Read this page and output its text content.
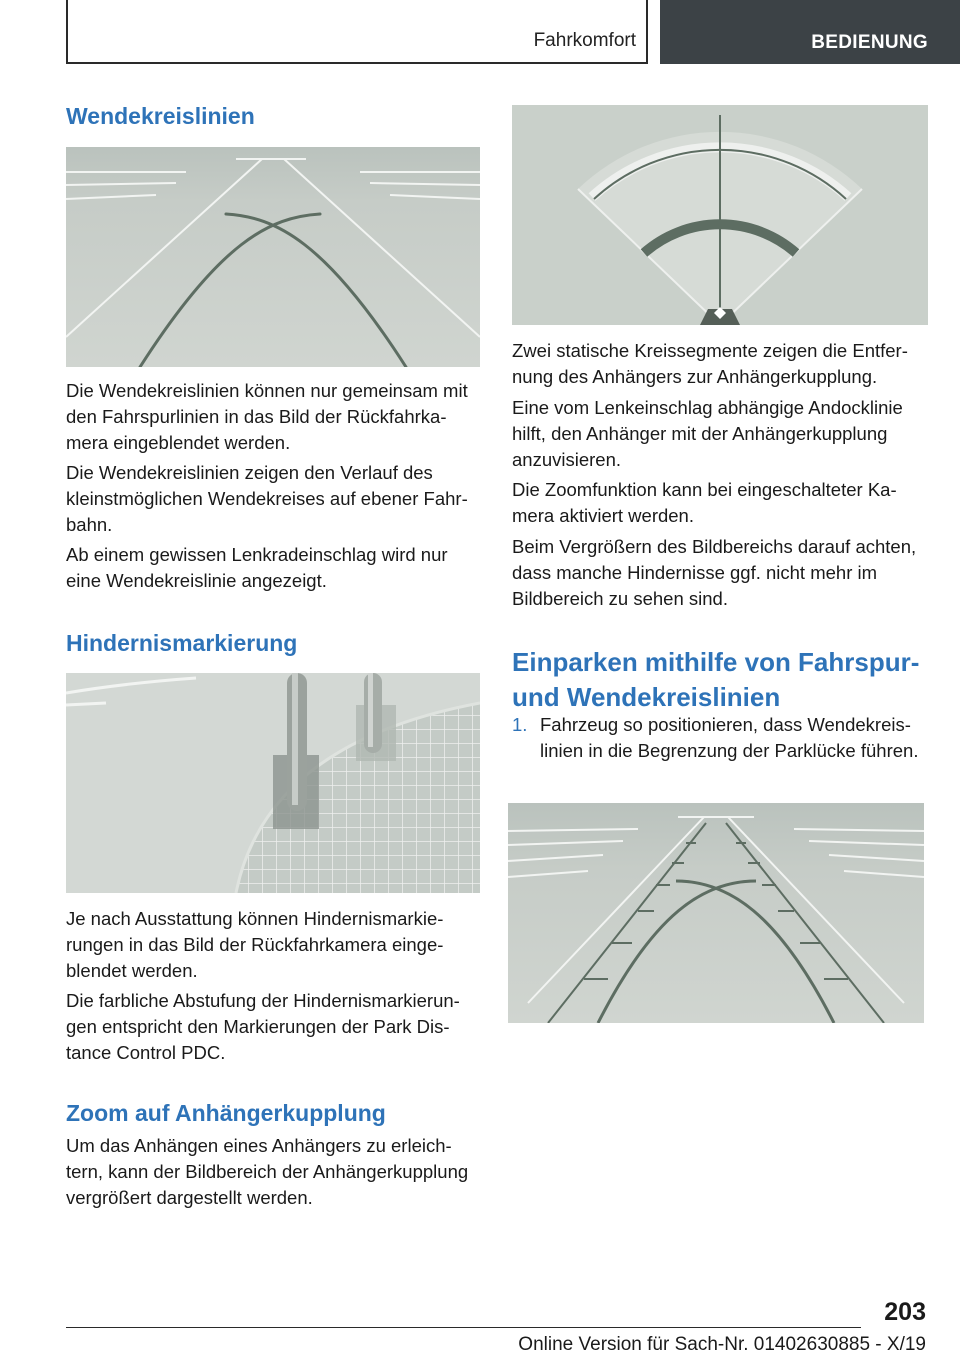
Fahrkomfort	BEDIENUNG
Wendekreislinien

Die Wendekreislinien können nur gemeinsam mit den Fahrspurlinien in das Bild der Rückfahrkamera eingeblendet werden.

Die Wendekreislinien zeigen den Verlauf des kleinstmöglichen Wendekreises auf ebener Fahrbahn.

Ab einem gewissen Lenkradeinschlag wird nur eine Wendekreislinie angezeigt.

Hindernismarkierung

Je nach Ausstattung können Hindernismarkierungen in das Bild der Rückfahrkamera eingeblendet werden.

Die farbliche Abstufung der Hindernismarkierungen entspricht den Markierungen der Park Distance Control PDC.

Zoom auf Anhängerkupplung

Um das Anhängen eines Anhängers zu erleichtern, kann der Bildbereich der Anhängerkupplung vergrößert dargestellt werden.

Zwei statische Kreissegmente zeigen die Entfernung des Anhängers zur Anhängerkupplung.

Eine vom Lenkeinschlag abhängige Andocklinie hilft, den Anhänger mit der Anhängerkupplung anzuvisieren.

Die Zoomfunktion kann bei eingeschalteter Kamera aktiviert werden.

Beim Vergrößern des Bildbereichs darauf achten, dass manche Hindernisse ggf. nicht mehr im Bildbereich zu sehen sind.

Einparken mithilfe von Fahrspur- und Wendekreislinien
1. Fahrzeug so positionieren, dass Wendekreislinien in die Begrenzung der Parklücke führen.

203
Online Version für Sach-Nr. 01402630885 - X/19
